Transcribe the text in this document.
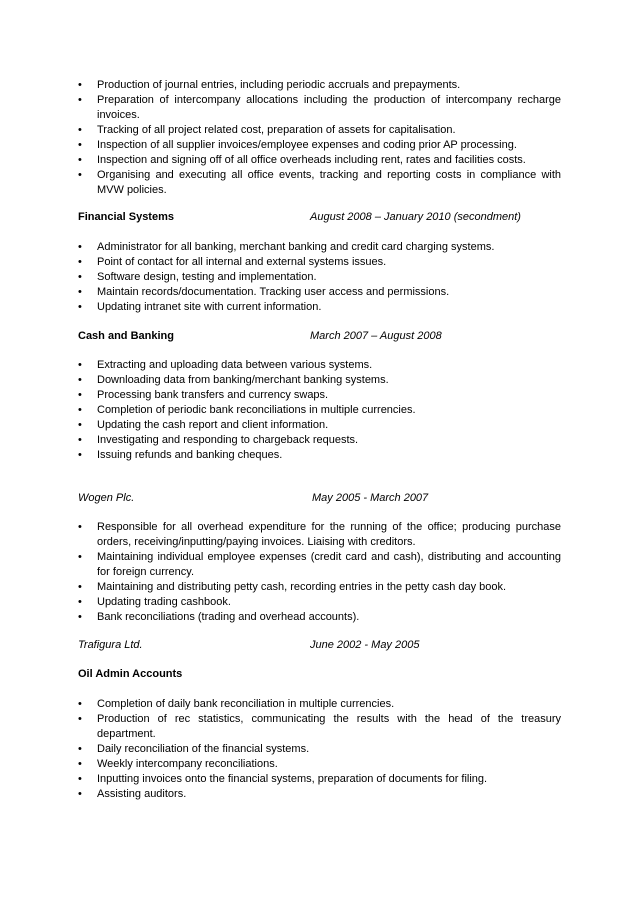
• Production of journal entries, including periodic accruals and prepayments.
• Preparation of intercompany allocations including the production of intercompany recharge invoices.
• Tracking of all project related cost, preparation of assets for capitalisation.
• Inspection of all supplier invoices/employee expenses and coding prior AP processing.
• Inspection and signing off of all office overheads including rent, rates and facilities costs.
• Organising and executing all office events, tracking and reporting costs in compliance with MVW policies.
Financial Systems	August 2008 – January 2010 (secondment)
• Administrator for all banking, merchant banking and credit card charging systems.
• Point of contact for all internal and external systems issues.
• Software design, testing and implementation.
• Maintain records/documentation. Tracking user access and permissions.
• Updating intranet site with current information.
Cash and Banking	March 2007 – August 2008
• Extracting and uploading data between various systems.
• Downloading data from banking/merchant banking systems.
• Processing bank transfers and currency swaps.
• Completion of periodic bank reconciliations in multiple currencies.
• Updating the cash report and client information.
• Investigating and responding to chargeback requests.
• Issuing refunds and banking cheques.
Wogen Plc.	May 2005 - March 2007
• Responsible for all overhead expenditure for the running of the office; producing purchase orders, receiving/inputting/paying invoices. Liaising with creditors.
• Maintaining individual employee expenses (credit card and cash), distributing and accounting for foreign currency.
• Maintaining and distributing petty cash, recording entries in the petty cash day book.
• Updating trading cashbook.
• Bank reconciliations (trading and overhead accounts).
Trafigura Ltd.	June 2002 - May 2005
Oil Admin Accounts
• Completion of daily bank reconciliation in multiple currencies.
• Production of rec statistics, communicating the results with the head of the treasury department.
• Daily reconciliation of the financial systems.
• Weekly intercompany reconciliations.
• Inputting invoices onto the financial systems, preparation of documents for filing.
• Assisting auditors.
